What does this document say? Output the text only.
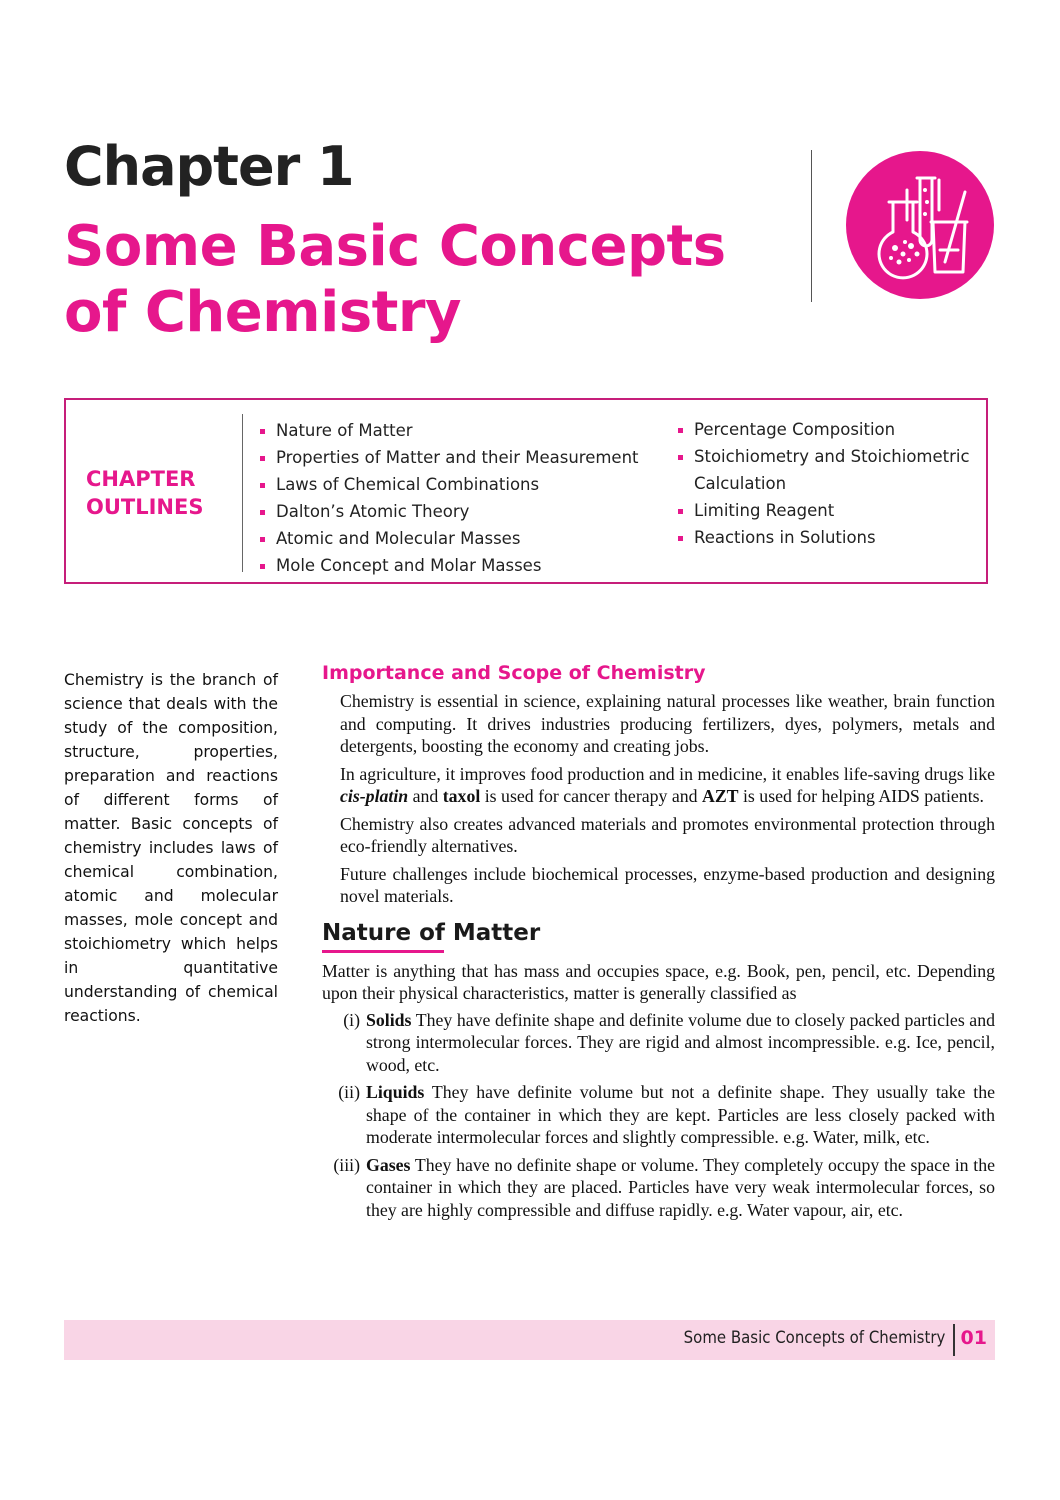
Chapter 1
Some Basic Concepts
of Chemistry
CHAPTER
OUTLINES
Nature of Matter
Properties of Matter and their Measurement
Laws of Chemical Combinations
Dalton’s Atomic Theory
Atomic and Molecular Masses
Mole Concept and Molar Masses
Percentage Composition
Stoichiometry and Stoichiometric Calculation
Limiting Reagent
Reactions in Solutions
Chemistry is the branch of science that deals with the study of the composition, structure, properties, preparation and reactions of different forms of matter. Basic concepts of chemistry includes laws of chemical combination, atomic and molecular masses, mole concept and stoichiometry which helps in quantitative understanding of chemical reactions.
Importance and Scope of Chemistry

Chemistry is essential in science, explaining natural processes like weather, brain function and computing. It drives industries producing fertilizers, dyes, polymers, metals and detergents, boosting the economy and creating jobs.

In agriculture, it improves food production and in medicine, it enables life-saving drugs like cis-platin and taxol is used for cancer therapy and AZT is used for helping AIDS patients.

Chemistry also creates advanced materials and promotes environmental protection through eco-friendly alternatives.

Future challenges include biochemical processes, enzyme-based production and designing novel materials.

Nature of Matter

Matter is anything that has mass and occupies space, e.g. Book, pen, pencil, etc. Depending upon their physical characteristics, matter is generally classified as

(i) Solids They have definite shape and definite volume due to closely packed particles and strong intermolecular forces. They are rigid and almost incompressible. e.g. Ice, pencil, wood, etc.
(ii) Liquids They have definite volume but not a definite shape. They usually take the shape of the container in which they are kept. Particles are less closely packed with moderate intermolecular forces and slightly compressible. e.g. Water, milk, etc.
(iii) Gases They have no definite shape or volume. They completely occupy the space in the container in which they are placed. Particles have very weak intermolecular forces, so they are highly compressible and diffuse rapidly. e.g. Water vapour, air, etc.
Some Basic Concepts of Chemistry 01
